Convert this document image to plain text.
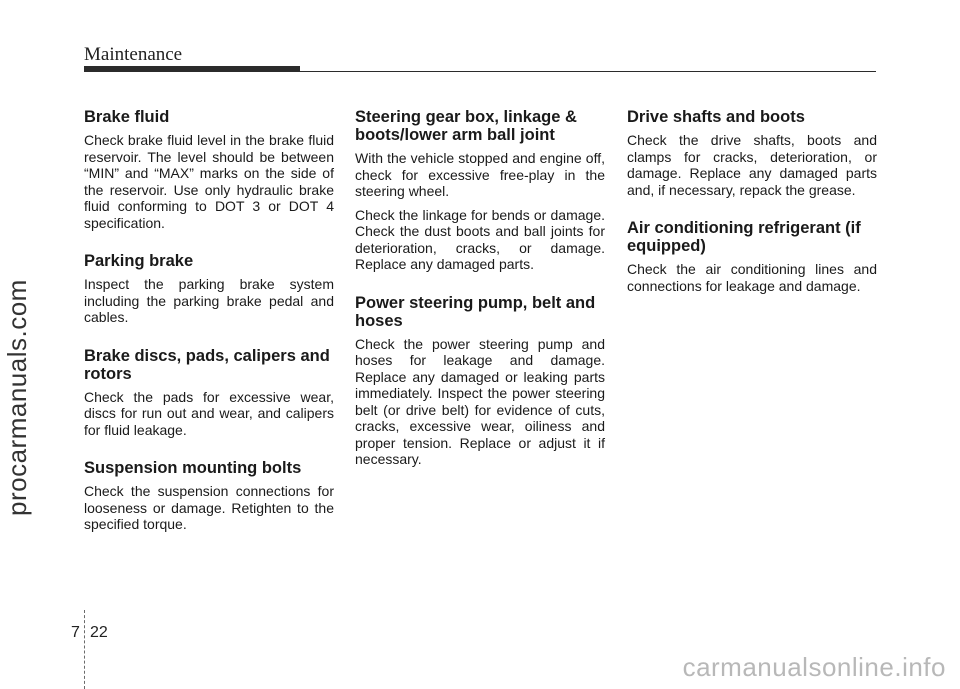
Maintenance
procarmanuals.com
Brake fluid

Check brake fluid level in the brake fluid reservoir. The level should be between “MIN” and “MAX” marks on the side of the reservoir. Use only hydraulic brake fluid conforming to DOT 3 or DOT 4 specification.

Parking brake

Inspect the parking brake system including the parking brake pedal and cables.

Brake discs, pads, calipers and rotors

Check the pads for excessive wear, discs for run out and wear, and calipers for fluid leakage.

Suspension mounting bolts

Check the suspension connections for looseness or damage. Retighten to the specified torque.

Steering gear box, linkage & boots/lower arm ball joint

With the vehicle stopped and engine off, check for excessive free-play in the steering wheel.

Check the linkage for bends or damage. Check the dust boots and ball joints for deterioration, cracks, or damage. Replace any damaged parts.

Power steering pump, belt and hoses

Check the power steering pump and hoses for leakage and damage. Replace any damaged or leaking parts immediately. Inspect the power steering belt (or drive belt) for evidence of cuts, cracks, excessive wear, oiliness and proper tension. Replace or adjust it if necessary.

Drive shafts and boots

Check the drive shafts, boots and clamps for cracks, deterioration, or damage. Replace any damaged parts and, if necessary, repack the grease.

Air conditioning refrigerant (if equipped)

Check the air conditioning lines and connections for leakage and damage.

7 22
carmanualsonline.info
